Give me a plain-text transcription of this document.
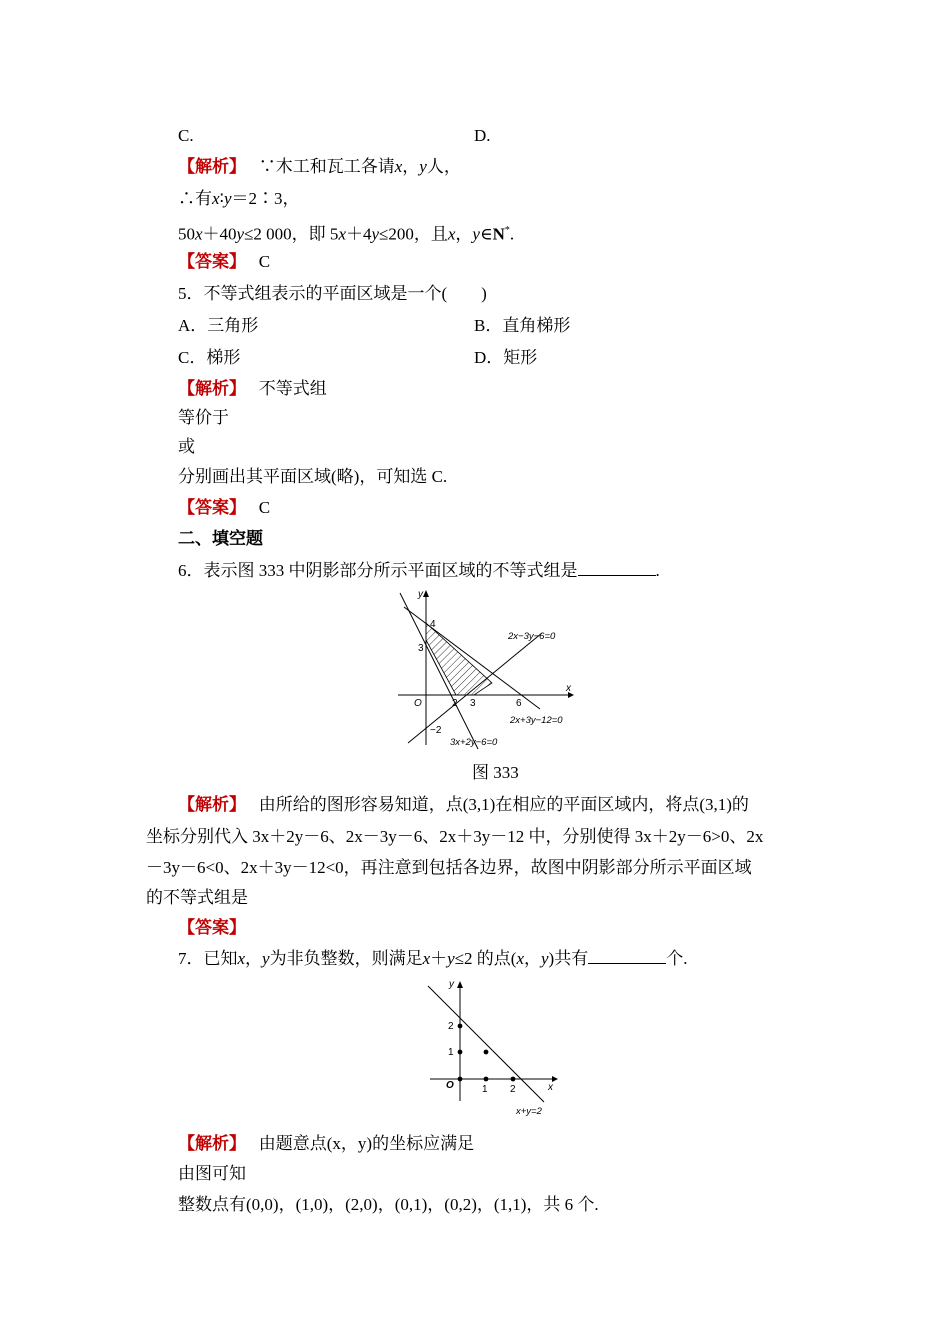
C.	D.
【解析】 ∵木工和瓦工各请x，y人，
∴有x∶y＝2∶3，
50x＋40y≤2 000，即 5x＋4y≤200，且x，y∈N*.
【答案】 C
5．不等式组表示的平面区域是一个(　　)
A．三角形	B．直角梯形
C．梯形	D．矩形
【解析】 不等式组
等价于
或
分别画出其平面区域(略)，可知选 C.
【答案】 C
二、填空题
6．表示图 333 中阴影部分所示平面区域的不等式组是	.
y
x
O
4
3
−2
2 3	6
2x−3y−6=0
2x+3y−12=0
3x+2y−6=0
图 333
【解析】 由所给的图形容易知道，点(3,1)在相应的平面区域内，将点(3,1)的
坐标分别代入 3x＋2y－6、2x－3y－6、2x＋3y－12 中，分别使得 3x＋2y－6>0、2x
－3y－6<0、2x＋3y－12<0，再注意到包括各边界，故图中阴影部分所示平面区域
的不等式组是
【答案】
7．已知x，y为非负整数，则满足x＋y≤2 的点(x，y)共有	个.
y
x
O	1 2
1
2
x+y=2
【解析】 由题意点(x，y)的坐标应满足
由图可知
整数点有(0,0)，(1,0)，(2,0)，(0,1)，(0,2)，(1,1)，共 6 个.
